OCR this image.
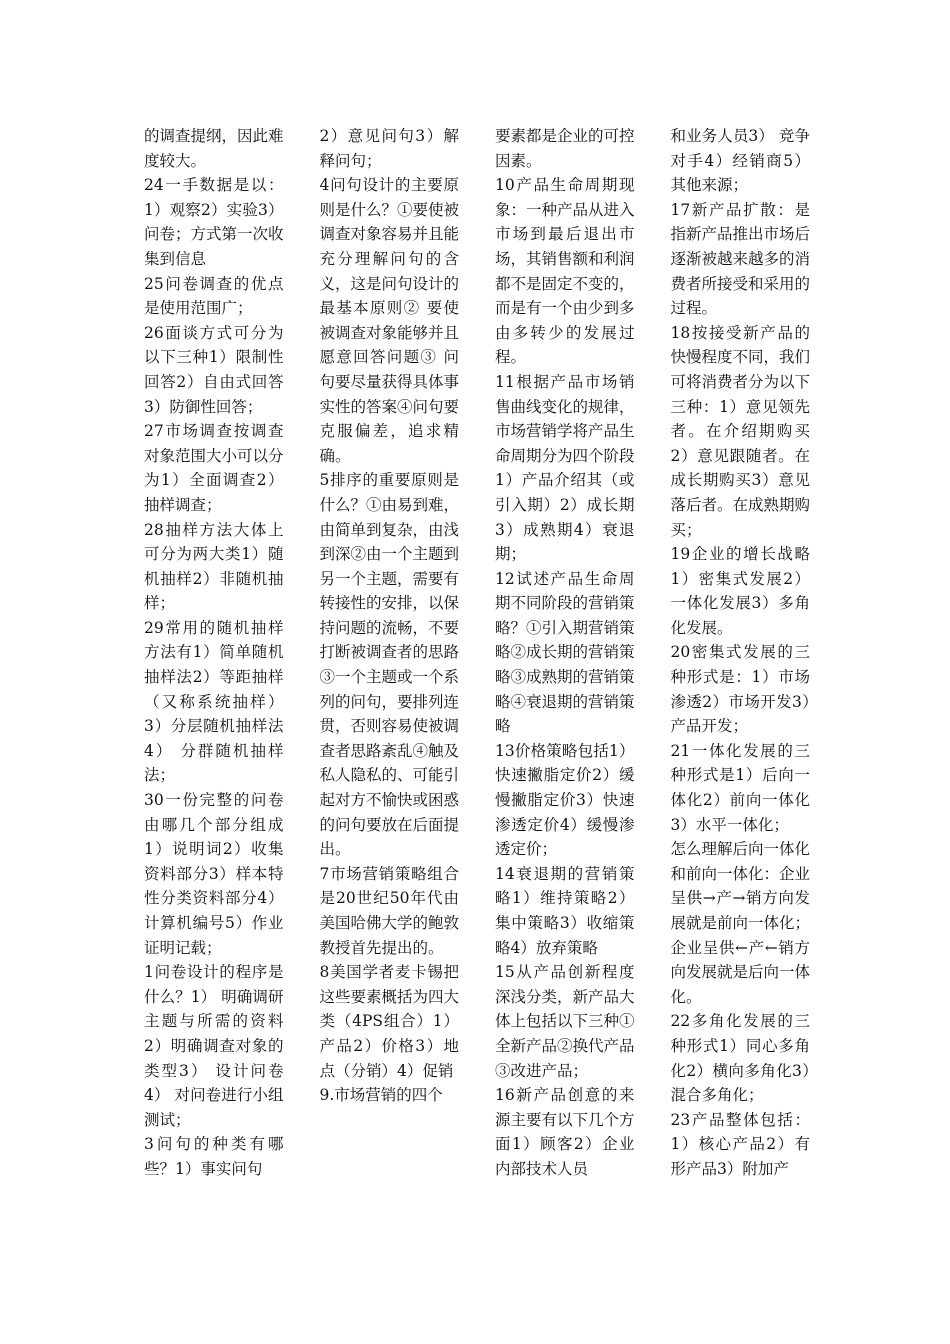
的调查提纲，因此难度较大。

24一手数据是以：1）观察2）实验3）问卷；方式第一次收集到信息

25问卷调查的优点是使用范围广；

26面谈方式可分为以下三种1）限制性回答2）自由式回答3）防御性回答；

27市场调查按调查对象范围大小可以分为1）全面调查2）抽样调查；

28抽样方法大体上可分为两大类1）随机抽样2）非随机抽样；

29常用的随机抽样方法有1）简单随机抽样法2）等距抽样（又称系统抽样）3）分层随机抽样法4） 分群随机抽样法；

30一份完整的问卷由哪几个部分组成1）说明词2）收集资料部分3）样本特性分类资料部分4）计算机编号5）作业证明记载；

1问卷设计的程序是什么？1） 明确调研主题与所需的资料2）明确调查对象的类型3） 设计问卷4） 对问卷进行小组测试；

3问句的种类有哪些？1）事实问句

2）意见问句3）解释问句；

4问句设计的主要原则是什么？①要使被调查对象容易并且能充分理解问句的含义，这是问句设计的最基本原则② 要使被调查对象能够并且愿意回答问题③ 问句要尽量获得具体事实性的答案④问句要克服偏差，追求精确。

5排序的重要原则是什么？①由易到难，由简单到复杂，由浅到深②由一个主题到另一个主题，需要有转接性的安排，以保持问题的流畅，不要打断被调查者的思路③一个主题或一个系列的问句，要排列连贯，否则容易使被调查者思路紊乱④触及私人隐私的、可能引起对方不愉快或困惑的问句要放在后面提出。

7市场营销策略组合是20世纪50年代由美国哈佛大学的鲍敦教授首先提出的。

8美国学者麦卡锡把这些要素概括为四大类（4PS组合）1）产品2）价格3）地点（分销）4）促销

9.市场营销的四个

要素都是企业的可控因素。

10产品生命周期现象：一种产品从进入市场到最后退出市场，其销售额和利润都不是固定不变的，而是有一个由少到多由多转少的发展过程。

11根据产品市场销售曲线变化的规律，市场营销学将产品生命周期分为四个阶段1）产品介绍其（或引入期）2）成长期3）成熟期4）衰退期；

12试述产品生命周期不同阶段的营销策略？①引入期营销策略②成长期的营销策略③成熟期的营销策略④衰退期的营销策略

13价格策略包括1）快速撇脂定价2）缓慢撇脂定价3）快速渗透定价4）缓慢渗透定价；

14衰退期的营销策略1）维持策略2）集中策略3）收缩策略4）放弃策略

15从产品创新程度深浅分类，新产品大体上包括以下三种①全新产品②换代产品③改进产品；

16新产品创意的来源主要有以下几个方面1）顾客2）企业内部技术人员

和业务人员3） 竞争对手4）经销商5）其他来源；

17新产品扩散：是指新产品推出市场后逐渐被越来越多的消费者所接受和采用的过程。

18按接受新产品的快慢程度不同，我们可将消费者分为以下三种：1）意见领先者。在介绍期购买2）意见跟随者。在成长期购买3）意见落后者。在成熟期购买；

19企业的增长战略1）密集式发展2）一体化发展3）多角化发展。

20密集式发展的三种形式是：1）市场渗透2）市场开发3）产品开发；

21一体化发展的三种形式是1）后向一体化2）前向一体化3）水平一体化；

怎么理解后向一体化和前向一体化：企业呈供→产→销方向发展就是前向一体化；企业呈供←产←销方向发展就是后向一体化。

22多角化发展的三种形式1）同心多角化2）横向多角化3）混合多角化；

23产品整体包括：1）核心产品2）有形产品3）附加产
